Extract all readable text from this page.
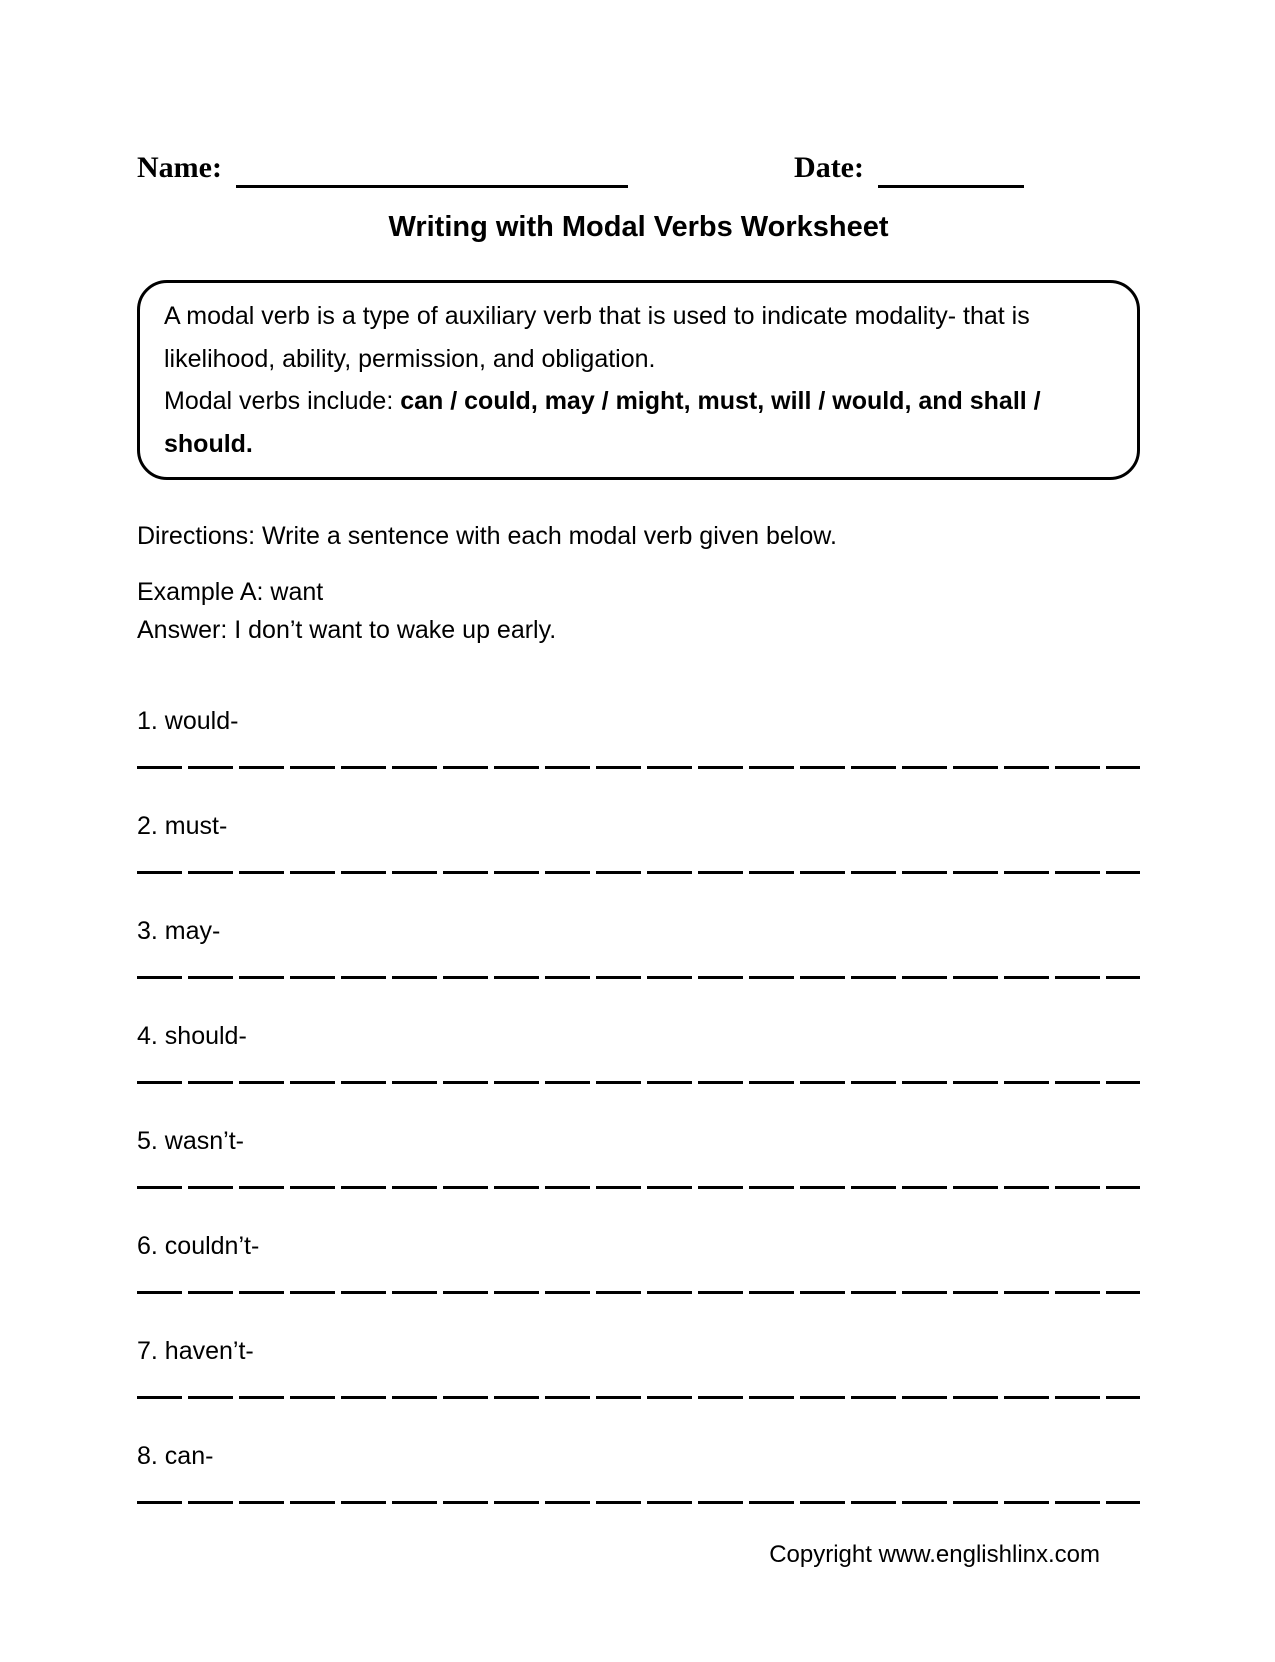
Name:	Date:
Writing with Modal Verbs Worksheet

A modal verb is a type of auxiliary verb that is used to indicate modality- that is likelihood, ability, permission, and obligation.

Modal verbs include: can / could, may / might, must, will / would, and shall / should.

Directions: Write a sentence with each modal verb given below.

Example A: want

Answer: I don’t want to wake up early.

1. would-
2. must-
3. may-
4. should-
5. wasn’t-
6. couldn’t-
7. haven’t-
8. can-
Copyright www.englishlinx.com
